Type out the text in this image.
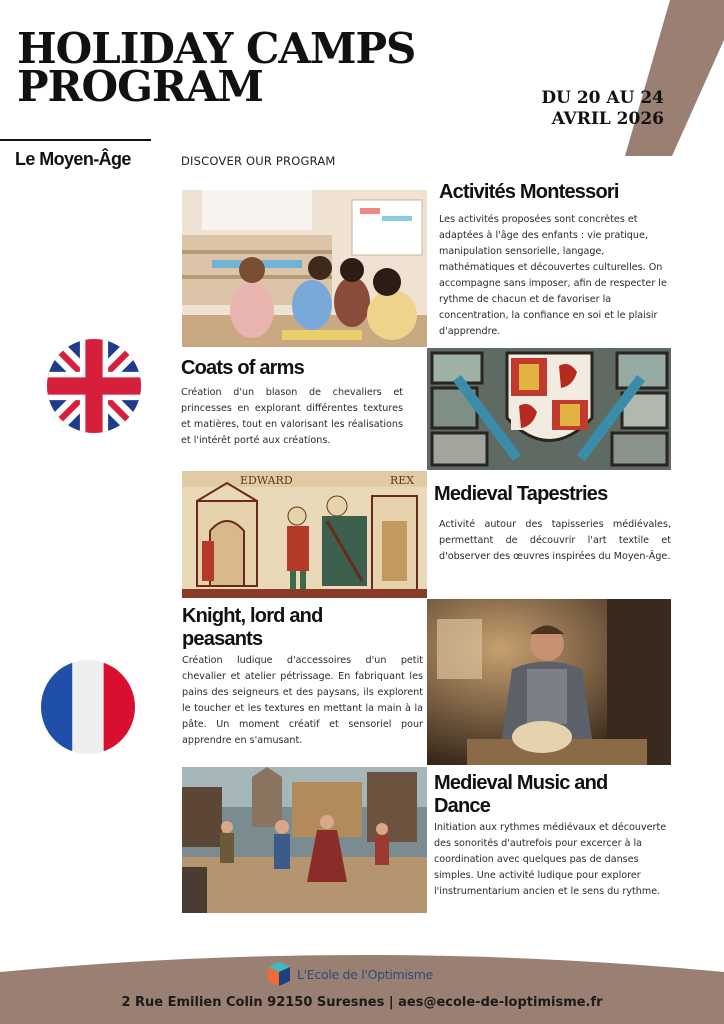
HOLIDAY CAMPS
PROGRAM	DU 20 AU 24
AVRIL 2026
Le Moyen-Âge	DISCOVER OUR PROGRAM
Activités Montessori
Les activités proposées sont concrètes et adaptées à l'âge des enfants : vie pratique, manipulation sensorielle, langage, mathématiques et découvertes culturelles. On accompagne sans imposer, afin de respecter le rythme de chacun et de favoriser la concentration, la confiance en soi et le plaisir d'apprendre.
Coats of arms
Création d'un blason de chevaliers et princesses en explorant différentes textures et matières, tout en valorisant les réalisations et l'intérêt porté aux créations.
EDWARD	REX
Medieval Tapestries
Activité autour des tapisseries médiévales, permettant de découvrir l'art textile et d'observer des œuvres inspirées du Moyen-Âge.
Knight, lord and
peasants
Création ludique d'accessoires d'un petit chevalier et atelier pétrissage. En fabriquant les pains des seigneurs et des paysans, ils explorent le toucher et les textures en mettant la main à la pâte. Un moment créatif et sensoriel pour apprendre en s'amusant.
Medieval Music and
Dance
Initiation aux rythmes médiévaux et découverte des sonorités d'autrefois pour excercer à la coordination avec quelques pas de danses simples. Une activité ludique pour explorer l'instrumentarium ancien et le sens du rythme.
L'Ecole de l'Optimisme
2 Rue Emilien Colin 92150 Suresnes | aes@ecole-de-loptimisme.fr
